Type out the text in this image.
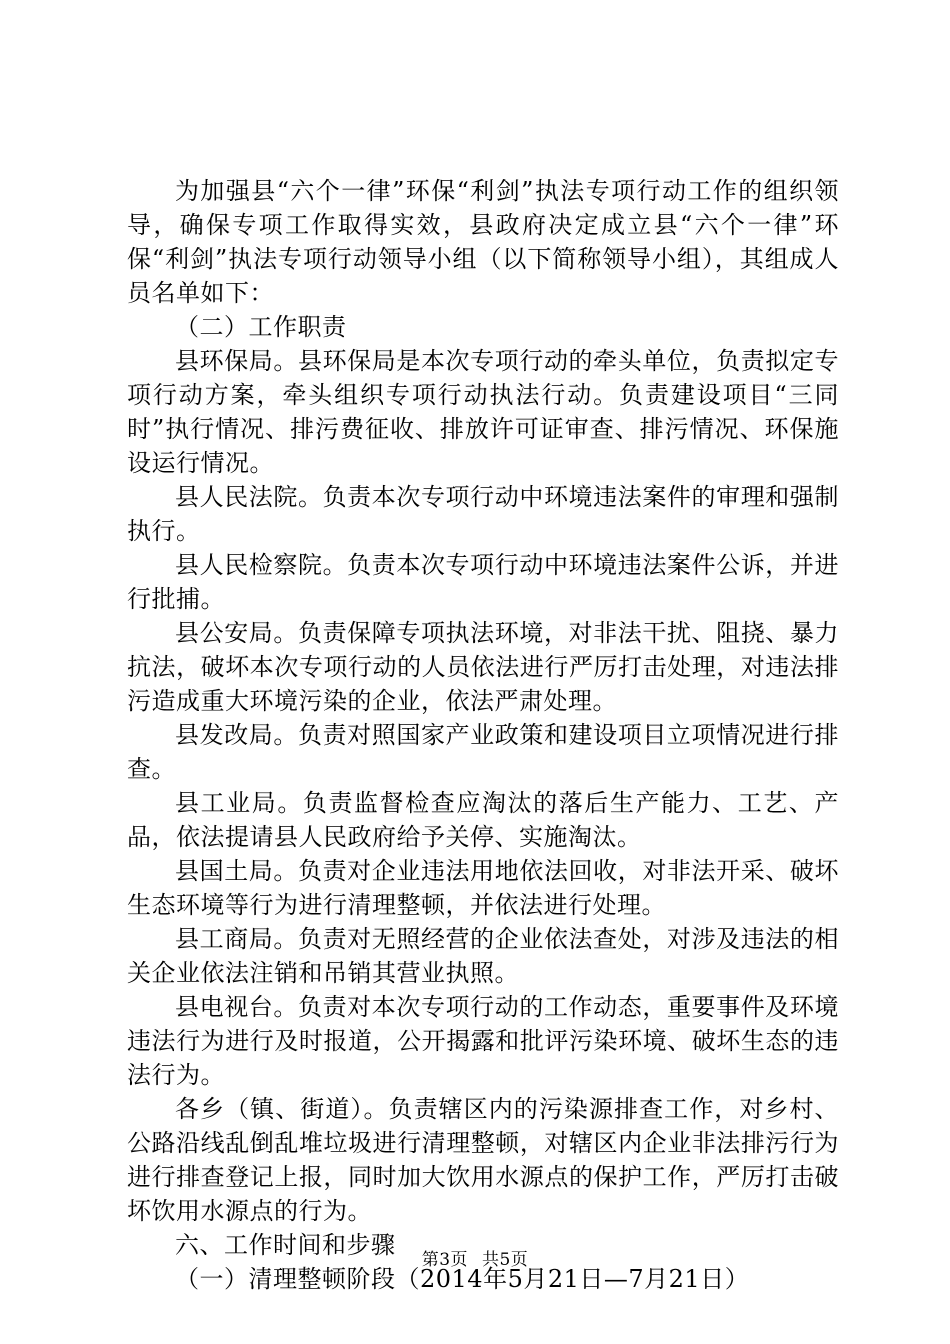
为加强县“六个一律”环保“利剑”执法专项行动工作的组织领导，确保专项工作取得实效，县政府决定成立县“六个一律”环保“利剑”执法专项行动领导小组（以下简称领导小组），其组成人员名单如下：

（二）工作职责

县环保局。县环保局是本次专项行动的牵头单位，负责拟定专项行动方案，牵头组织专项行动执法行动。负责建设项目“三同时”执行情况、排污费征收、排放许可证审查、排污情况、环保施设运行情况。

县人民法院。负责本次专项行动中环境违法案件的审理和强制执行。

县人民检察院。负责本次专项行动中环境违法案件公诉，并进行批捕。

县公安局。负责保障专项执法环境，对非法干扰、阻挠、暴力抗法，破坏本次专项行动的人员依法进行严厉打击处理，对违法排污造成重大环境污染的企业，依法严肃处理。

县发改局。负责对照国家产业政策和建设项目立项情况进行排查。

县工业局。负责监督检查应淘汰的落后生产能力、工艺、产品，依法提请县人民政府给予关停、实施淘汰。

县国土局。负责对企业违法用地依法回收，对非法开采、破坏生态环境等行为进行清理整顿，并依法进行处理。

县工商局。负责对无照经营的企业依法查处，对涉及违法的相关企业依法注销和吊销其营业执照。

县电视台。负责对本次专项行动的工作动态，重要事件及环境违法行为进行及时报道，公开揭露和批评污染环境、破坏生态的违法行为。

各乡（镇、街道）。负责辖区内的污染源排查工作，对乡村、公路沿线乱倒乱堆垃圾进行清理整顿，对辖区内企业非法排污行为进行排查登记上报，同时加大饮用水源点的保护工作，严厉打击破坏饮用水源点的行为。

六、工作时间和步骤

（一）清理整顿阶段（2014年5月21日—7月21日）

第3页 共5页
